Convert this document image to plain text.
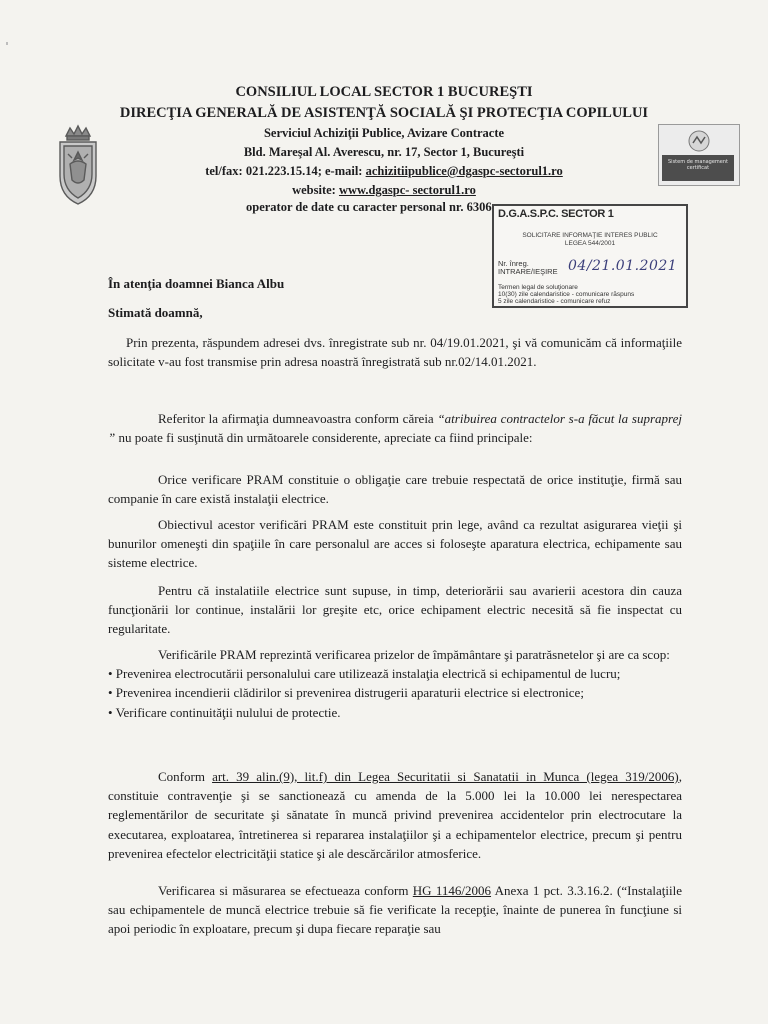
CONSILIUL LOCAL SECTOR 1 BUCUREŞTI
DIRECŢIA GENERALĂ DE ASISTENŢĂ SOCIALĂ ŞI PROTECŢIA COPILULUI
Serviciul Achiziţii Publice, Avizare Contracte
Bld. Mareşal Al. Averescu, nr. 17, Sector 1, Bucureşti
tel/fax: 021.223.15.14; e-mail: achizitiipublice@dgaspc-sectorul1.ro
website: www.dgaspc- sectorul1.ro
operator de date cu caracter personal nr. 6306
Sistem de management certificat
D.G.A.S.P.C. SECTOR 1
SOLICITARE INFORMAŢIE INTERES PUBLIC
LEGEA 544/2001
Nr. înreg.
INTRARE/IEŞIRE 04/21.01.2021
Termen legal de soluţionare
10(30) zile calendaristice - comunicare răspuns
5 zile calendaristice - comunicare refuz
În atenţia doamnei Bianca Albu
Stimată doamnă,

Prin prezenta, răspundem adresei dvs. înregistrate sub nr. 04/19.01.2021, şi vă comunicăm că informaţiile solicitate v-au fost transmise prin adresa noastră înregistrată sub nr.02/14.01.2021.

Referitor la afirmaţia dumneavoastra conform căreia “atribuirea contractelor s-a făcut la supraprej ” nu poate fi susţinută din următoarele considerente, apreciate ca fiind principale:

Orice verificare PRAM constituie o obligaţie care trebuie respectată de orice instituţie, firmă sau companie în care există instalaţii electrice.

Obiectivul acestor verificări PRAM este constituit prin lege, având ca rezultat asigurarea vieţii şi bunurilor omeneşti din spaţiile în care personalul are acces si foloseşte aparatura electrica, echipamente sau sisteme electrice.

Pentru că instalatiile electrice sunt supuse, in timp, deteriorării sau avarierii acestora din cauza funcţionării lor continue, instalării lor greşite etc, orice echipament electric necesită să fie inspectat cu regularitate.

Verificările PRAM reprezintă verificarea prizelor de împământare şi paratrăsnetelor şi are ca scop:

• Prevenirea electrocutării personalului care utilizează instalaţia electrică si echipamentul de lucru;

• Prevenirea incendierii clădirilor si prevenirea distrugerii aparaturii electrice si electronice;

• Verificare continuităţii nulului de protectie.

Conform art. 39 alin.(9), lit.f) din Legea Securitatii si Sanatatii in Munca (legea 319/2006), constituie contravenţie şi se sanctionează cu amenda de la 5.000 lei la 10.000 lei nerespectarea reglementărilor de securitate şi sănatate în muncă privind prevenirea accidentelor prin electrocutare la executarea, exploatarea, întretinerea si repararea instalaţiilor şi a echipamentelor electrice, precum şi pentru prevenirea efectelor electricităţii statice şi ale descărcărilor atmosferice.

Verificarea si măsurarea se efectueaza conform HG 1146/2006 Anexa 1 pct. 3.3.16.2. (“Instalaţiile sau echipamentele de muncă electrice trebuie să fie verificate la recepţie, înainte de punerea în funcţiune si apoi periodic în exploatare, precum şi dupa fiecare reparaţie sau
